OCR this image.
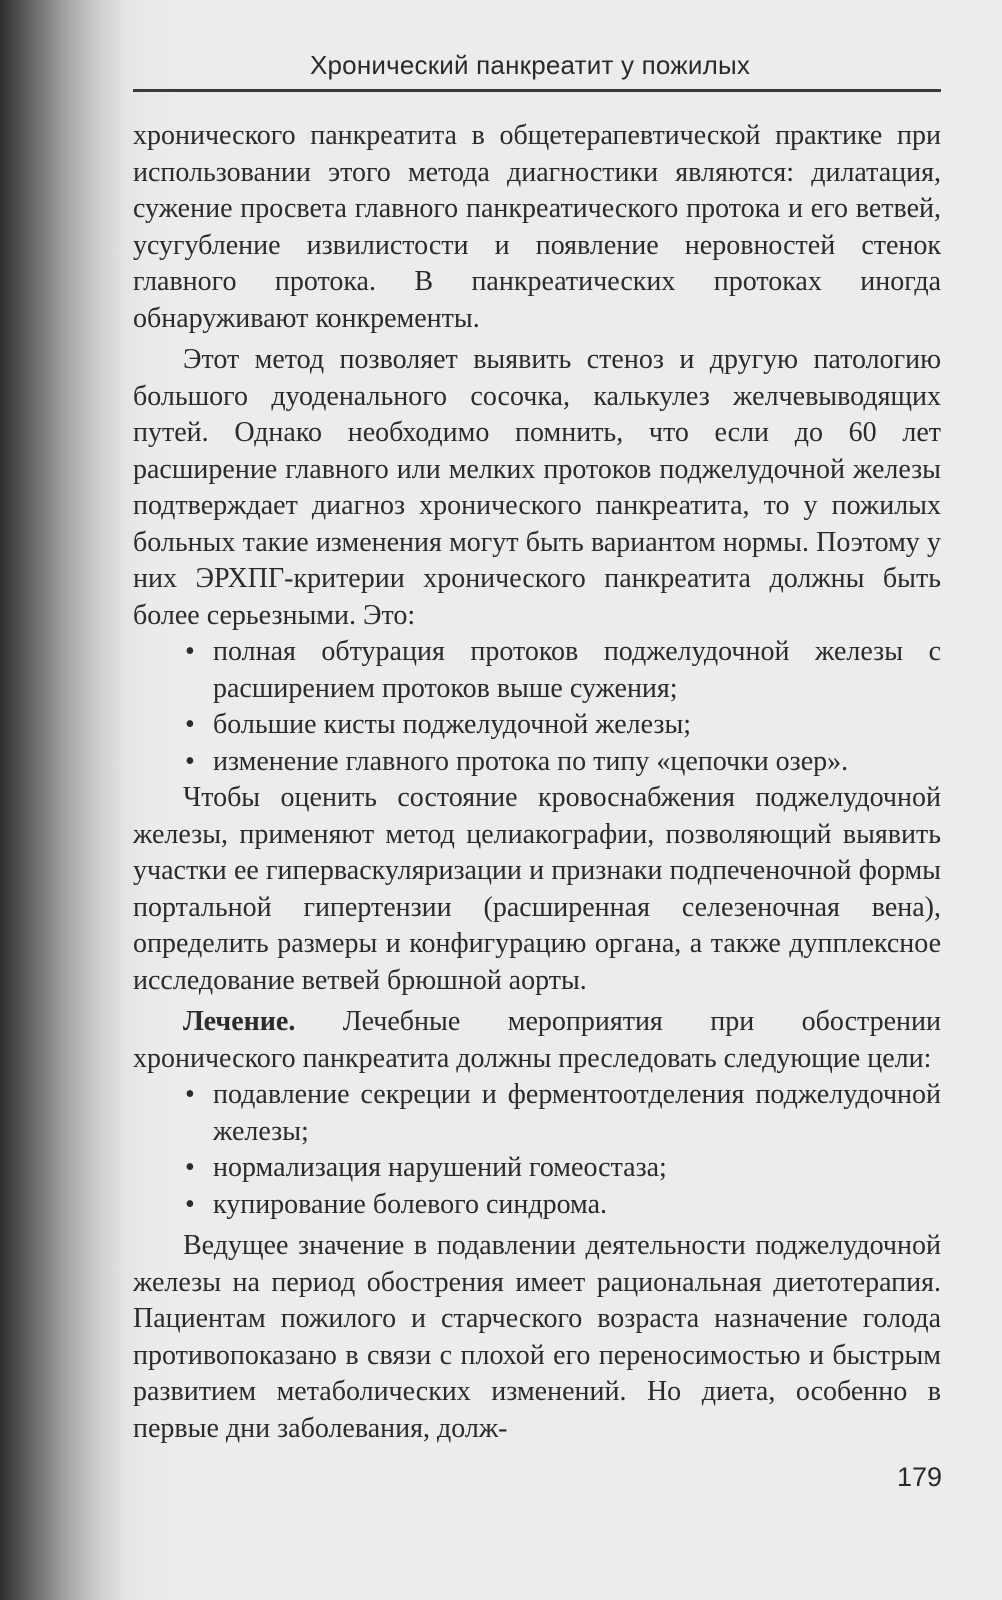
Хронический панкреатит у пожилых

хронического панкреатита в общетерапевтической практике при использовании этого метода диагностики являются: дилатация, сужение просвета главного панкреатического протока и его ветвей, усугубление извилистости и появление неровностей стенок главного протока. В панкреатических протоках иногда обнаруживают конкременты.

Этот метод позволяет выявить стеноз и другую патологию большого дуоденального сосочка, калькулез желчевыводящих путей. Однако необходимо помнить, что если до 60 лет расширение главного или мелких протоков поджелудочной железы подтверждает диагноз хронического панкреатита, то у пожилых больных такие изменения могут быть вариантом нормы. Поэтому у них ЭРХПГ-критерии хронического панкреатита должны быть более серьезными. Это:

• полная обтурация протоков поджелудочной железы с расширением протоков выше сужения;
• большие кисты поджелудочной железы;
• изменение главного протока по типу «цепочки озер».

Чтобы оценить состояние кровоснабжения поджелудочной железы, применяют метод целиакографии, позволяющий выявить участки ее гиперваскуляризации и признаки подпеченочной формы портальной гипертензии (расширенная селезеночная вена), определить размеры и конфигурацию органа, а также дупплексное исследование ветвей брюшной аорты.

Лечение. Лечебные мероприятия при обострении хронического панкреатита должны преследовать следующие цели:

• подавление секреции и ферментоотделения поджелудочной железы;
• нормализация нарушений гомеостаза;
• купирование болевого синдрома.

Ведущее значение в подавлении деятельности поджелудочной железы на период обострения имеет рациональная диетотерапия. Пациентам пожилого и старческого возраста назначение голода противопоказано в связи с плохой его переносимостью и быстрым развитием метаболических изменений. Но диета, особенно в первые дни заболевания, долж-

179
